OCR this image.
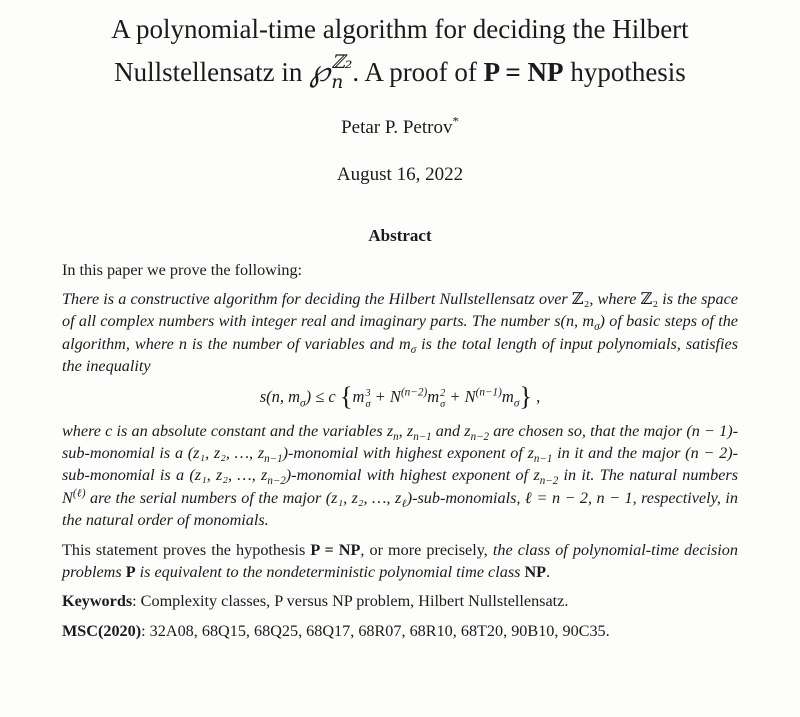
A polynomial-time algorithm for deciding the Hilbert
Nullstellensatz in ℘ ℤ₂
n . A proof of P = NP hypothesis
Petar P. Petrov*
August 16, 2022
Abstract

In this paper we prove the following:

There is a constructive algorithm for deciding the Hilbert Nullstellensatz over ℤ₂, where ℤ₂ is the space of all complex numbers with integer real and imaginary parts. The number s(n, $m_\sigma$) of basic steps of the algorithm, where n is the number of variables and $m_\sigma$ is the total length of input polynomials, satisfies the inequality

s(n, $m_\sigma) \le c$ {m 3
$\sigma + N^{(n-2)}m$ 2
$\sigma + N^{(n-1)}m_\sigma$} ,

where c is an absolute constant and the variables $z_n$, $z_{n-1}$ and $z_{n-2}$ are chosen so, that the major (n − 1)-sub-monomial is a (z₁, z₂, …, $z_{n-1}$)-monomial with highest exponent of $z_{n-1}$ in it and the major (n − 2)-sub-monomial is a (z₁, z₂, …, $z_{n-2}$)-monomial with highest exponent of $z_{n-2}$ in it. The natural numbers $N^{(\ell)}$ are the serial numbers of the major (z₁, z₂, …, $z_\ell)-sub$-monomials, ℓ = n − 2, n − 1, respectively, in the natural order of monomials.

This statement proves the hypothesis P = NP, or more precisely, the class of polynomial-time decision problems P is equivalent to the nondeterministic polynomial time class NP.

Keywords: Complexity classes, P versus NP problem, Hilbert Nullstellensatz.

MSC(2020): 32A08, 68Q15, 68Q25, 68Q17, 68R07, 68R10, 68T20, 90B10, 90C35.
